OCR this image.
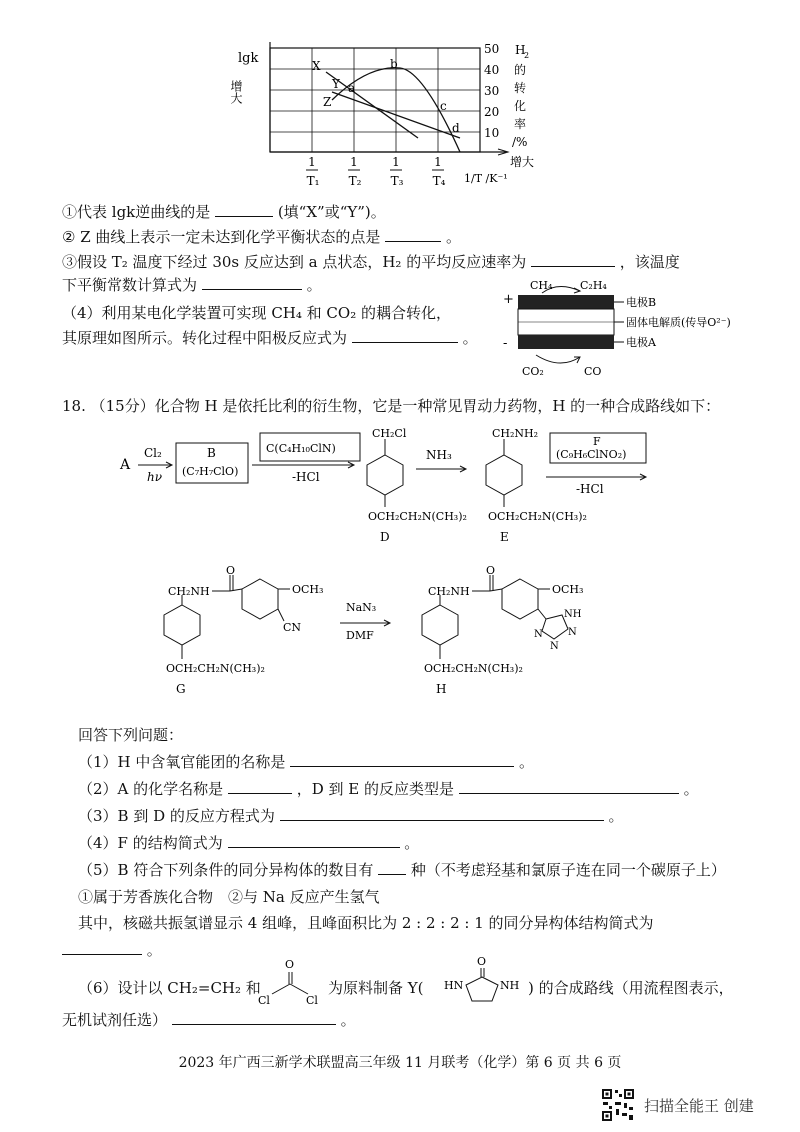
lgk
增大
X
Y
Z
a
b
c
d
50
40
30
20
10
H
2
的
转
化
率
/%
1
T₁
1
T₂
1
T₃
1
T₄ 1/T /K⁻¹
增大
①代表 lgk逆曲线的是	(填“X”或“Y”)。
② Z 曲线上表示一定未达到化学平衡状态的点是	。
③假设 T₂ 温度下经过 30s 反应达到 a 点状态，H₂ 的平均反应速率为	，该温度
下平衡常数计算式为	。
（4）利用某电化学装置可实现 CH₄ 和 CO₂ 的耦合转化，
其原理如图所示。转化过程中阳极反应式为	。
+
-
CH₄	C₂H₄
电极B
固体电解质(传导O²⁻)
电极A
CO₂	CO
18. （15分）化合物 H 是依托比利的衍生物，它是一种常见胃动力药物，H 的一种合成路线如下：
A
Cl₂
hν
B
(C₇H₇ClO)
C(C₄H₁₀ClN)
-HCl
CH₂Cl
OCH₂CH₂N(CH₃)₂
D
NH₃
CH₂NH₂
OCH₂CH₂N(CH₃)₂
E
F
(C₉H₆ClNO₂)
-HCl
CH₂NH
O
OCH₃
CN
OCH₂CH₂N(CH₃)₂
G
NaN₃
DMF
CH₂NH
O
OCH₃
NH
N
N
N
OCH₂CH₂N(CH₃)₂
H
回答下列问题：
（1）H 中含氧官能团的名称是	。
（2）A 的化学名称是	，D 到 E 的反应类型是	。
（3）B 到 D 的反应方程式为	。
（4）F 的结构简式为	。
（5）B 符合下列条件的同分异构体的数目有	种（不考虑羟基和氯原子连在同一个碳原子上）
①属于芳香族化合物　②与 Na 反应产生氢气
其中，核磁共振氢谱显示 4 组峰，且峰面积比为 2 : 2 : 2 : 1 的同分异构体结构简式为
。
（6）设计以 CH₂=CH₂ 和
O
Cl	Cl
为原料制备 Y(
O
HN	NH ) 的合成路线（用流程图表示，
无机试剂任选）	。
2023 年广西三新学术联盟高三年级 11 月联考（化学）第 6 页 共 6 页
扫描全能王 创建
